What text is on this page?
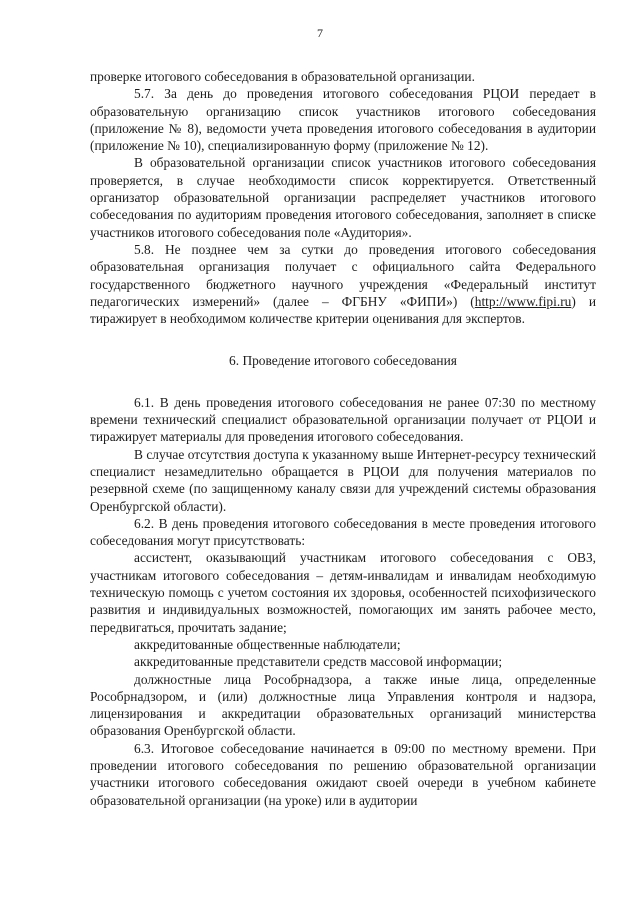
7

проверке итогового собеседования в образовательной организации.

5.7. За день до проведения итогового собеседования РЦОИ передает в образовательную организацию список участников итогового собеседования (приложение № 8), ведомости учета проведения итогового собеседования в аудитории (приложение № 10), специализированную форму (приложение № 12).

В образовательной организации список участников итогового собеседования проверяется, в случае необходимости список корректируется. Ответственный организатор образовательной организации распределяет участников итогового собеседования по аудиториям проведения итогового собеседования, заполняет в списке участников итогового собеседования поле «Аудитория».

5.8. Не позднее чем за сутки до проведения итогового собеседования образовательная организация получает с официального сайта Федерального государственного бюджетного научного учреждения «Федеральный институт педагогических измерений» (далее – ФГБНУ «ФИПИ») (http://www.fipi.ru) и тиражирует в необходимом количестве критерии оценивания для экспертов.

6. Проведение итогового собеседования

6.1. В день проведения итогового собеседования не ранее 07:30 по местному времени технический специалист образовательной организации получает от РЦОИ и тиражирует материалы для проведения итогового собеседования.

В случае отсутствия доступа к указанному выше Интернет-ресурсу технический специалист незамедлительно обращается в РЦОИ для получения материалов по резервной схеме (по защищенному каналу связи для учреждений системы образования Оренбургской области).

6.2. В день проведения итогового собеседования в месте проведения итогового собеседования могут присутствовать:

ассистент, оказывающий участникам итогового собеседования с ОВЗ, участникам итогового собеседования – детям-инвалидам и инвалидам необходимую техническую помощь с учетом состояния их здоровья, особенностей психофизического развития и индивидуальных возможностей, помогающих им занять рабочее место, передвигаться, прочитать задание;

аккредитованные общественные наблюдатели;

аккредитованные представители средств массовой информации;

должностные лица Рособрнадзора, а также иные лица, определенные Рособрнадзором, и (или) должностные лица Управления контроля и надзора, лицензирования и аккредитации образовательных организаций министерства образования Оренбургской области.

6.3. Итоговое собеседование начинается в 09:00 по местному времени. При проведении итогового собеседования по решению образовательной организации участники итогового собеседования ожидают своей очереди в учебном кабинете образовательной организации (на уроке) или в аудитории
